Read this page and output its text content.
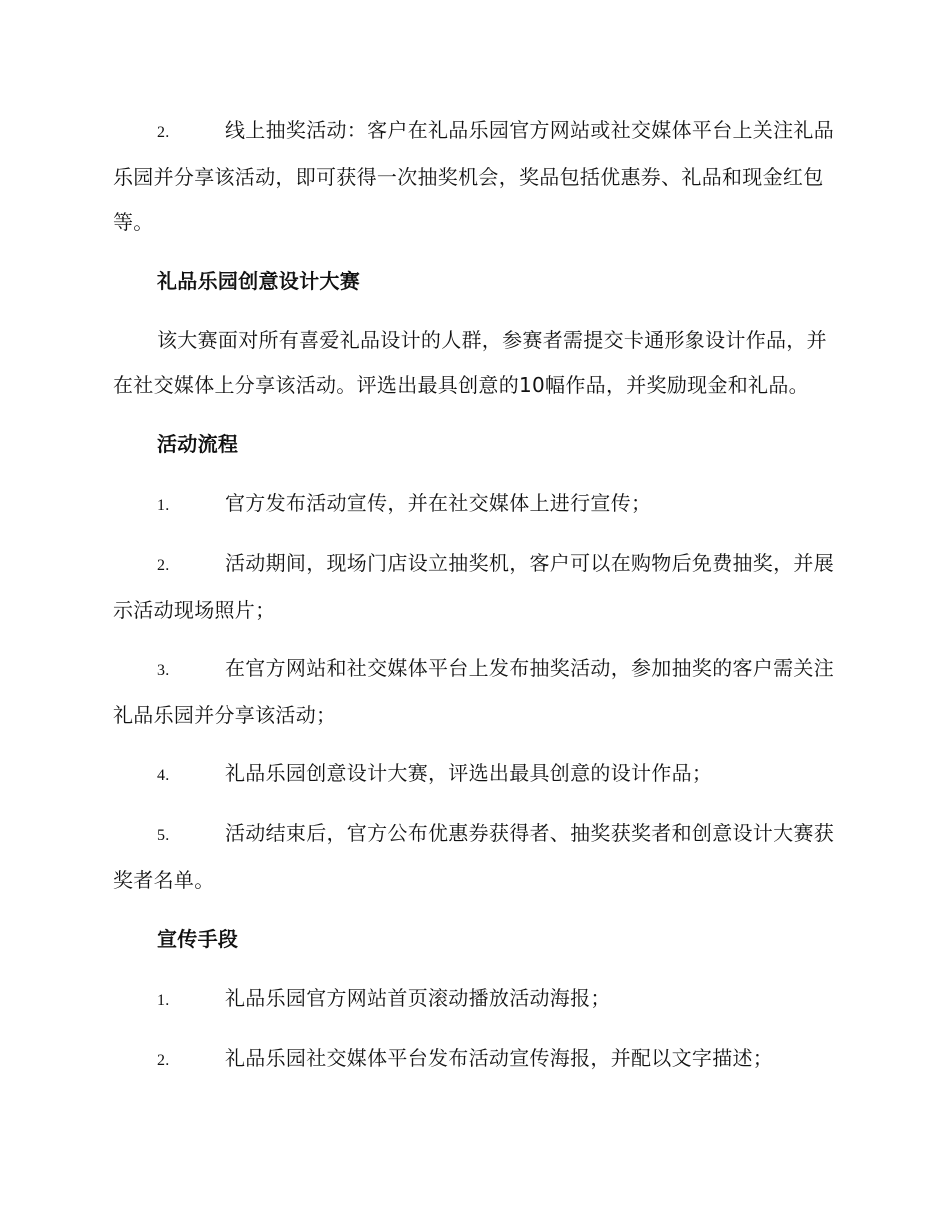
2.	线上抽奖活动：客户在礼品乐园官方网站或社交媒体平台上关注礼品乐园并分享该活动，即可获得一次抽奖机会，奖品包括优惠券、礼品和现金红包等。

礼品乐园创意设计大赛

该大赛面对所有喜爱礼品设计的人群，参赛者需提交卡通形象设计作品，并在社交媒体上分享该活动。评选出最具创意的10幅作品，并奖励现金和礼品。

活动流程

1.	官方发布活动宣传，并在社交媒体上进行宣传；

2.	活动期间，现场门店设立抽奖机，客户可以在购物后免费抽奖，并展示活动现场照片；

3.	在官方网站和社交媒体平台上发布抽奖活动，参加抽奖的客户需关注礼品乐园并分享该活动；

4.	礼品乐园创意设计大赛，评选出最具创意的设计作品；

5.	活动结束后，官方公布优惠券获得者、抽奖获奖者和创意设计大赛获奖者名单。

宣传手段

1.	礼品乐园官方网站首页滚动播放活动海报；

2.	礼品乐园社交媒体平台发布活动宣传海报，并配以文字描述；
